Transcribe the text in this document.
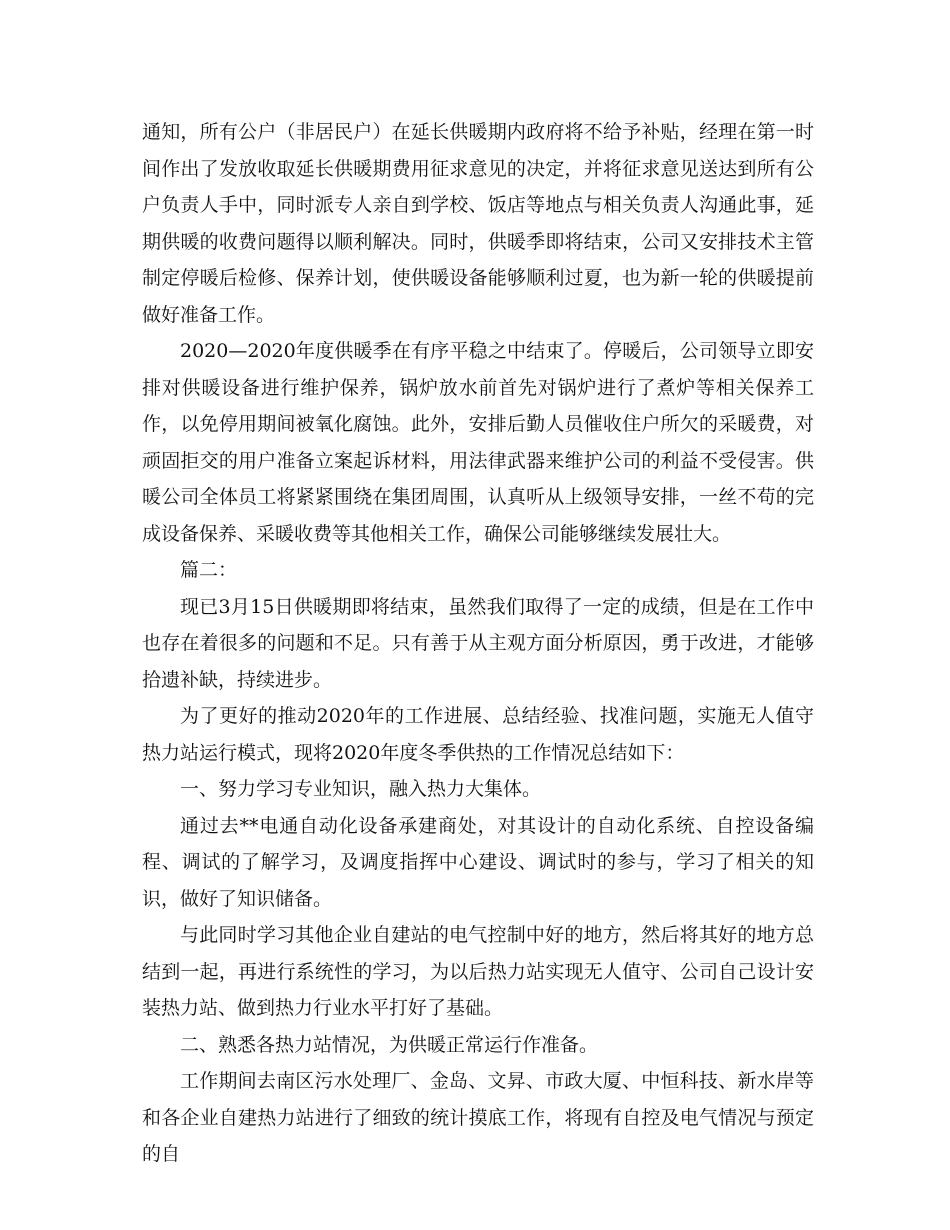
通知，所有公户（非居民户）在延长供暖期内政府将不给予补贴，经理在第一时间作出了发放收取延长供暖期费用征求意见的决定，并将征求意见送达到所有公户负责人手中，同时派专人亲自到学校、饭店等地点与相关负责人沟通此事，延期供暖的收费问题得以顺利解决。同时，供暖季即将结束，公司又安排技术主管制定停暖后检修、保养计划，使供暖设备能够顺利过夏，也为新一轮的供暖提前做好准备工作。

2020—2020年度供暖季在有序平稳之中结束了。停暖后，公司领导立即安排对供暖设备进行维护保养，锅炉放水前首先对锅炉进行了煮炉等相关保养工作，以免停用期间被氧化腐蚀。此外，安排后勤人员催收住户所欠的采暖费，对顽固拒交的用户准备立案起诉材料，用法律武器来维护公司的利益不受侵害。供暖公司全体员工将紧紧围绕在集团周围，认真听从上级领导安排，一丝不苟的完成设备保养、采暖收费等其他相关工作，确保公司能够继续发展壮大。

篇二：

现已3月15日供暖期即将结束，虽然我们取得了一定的成绩，但是在工作中也存在着很多的问题和不足。只有善于从主观方面分析原因，勇于改进，才能够拾遗补缺，持续进步。

为了更好的推动2020年的工作进展、总结经验、找准问题，实施无人值守热力站运行模式，现将2020年度冬季供热的工作情况总结如下：

一、努力学习专业知识，融入热力大集体。

通过去**电通自动化设备承建商处，对其设计的自动化系统、自控设备编程、调试的了解学习，及调度指挥中心建设、调试时的参与，学习了相关的知识，做好了知识储备。

与此同时学习其他企业自建站的电气控制中好的地方，然后将其好的地方总结到一起，再进行系统性的学习，为以后热力站实现无人值守、公司自己设计安装热力站、做到热力行业水平打好了基础。

二、熟悉各热力站情况，为供暖正常运行作准备。

工作期间去南区污水处理厂、金岛、文昇、市政大厦、中恒科技、新水岸等和各企业自建热力站进行了细致的统计摸底工作，将现有自控及电气情况与预定的自
